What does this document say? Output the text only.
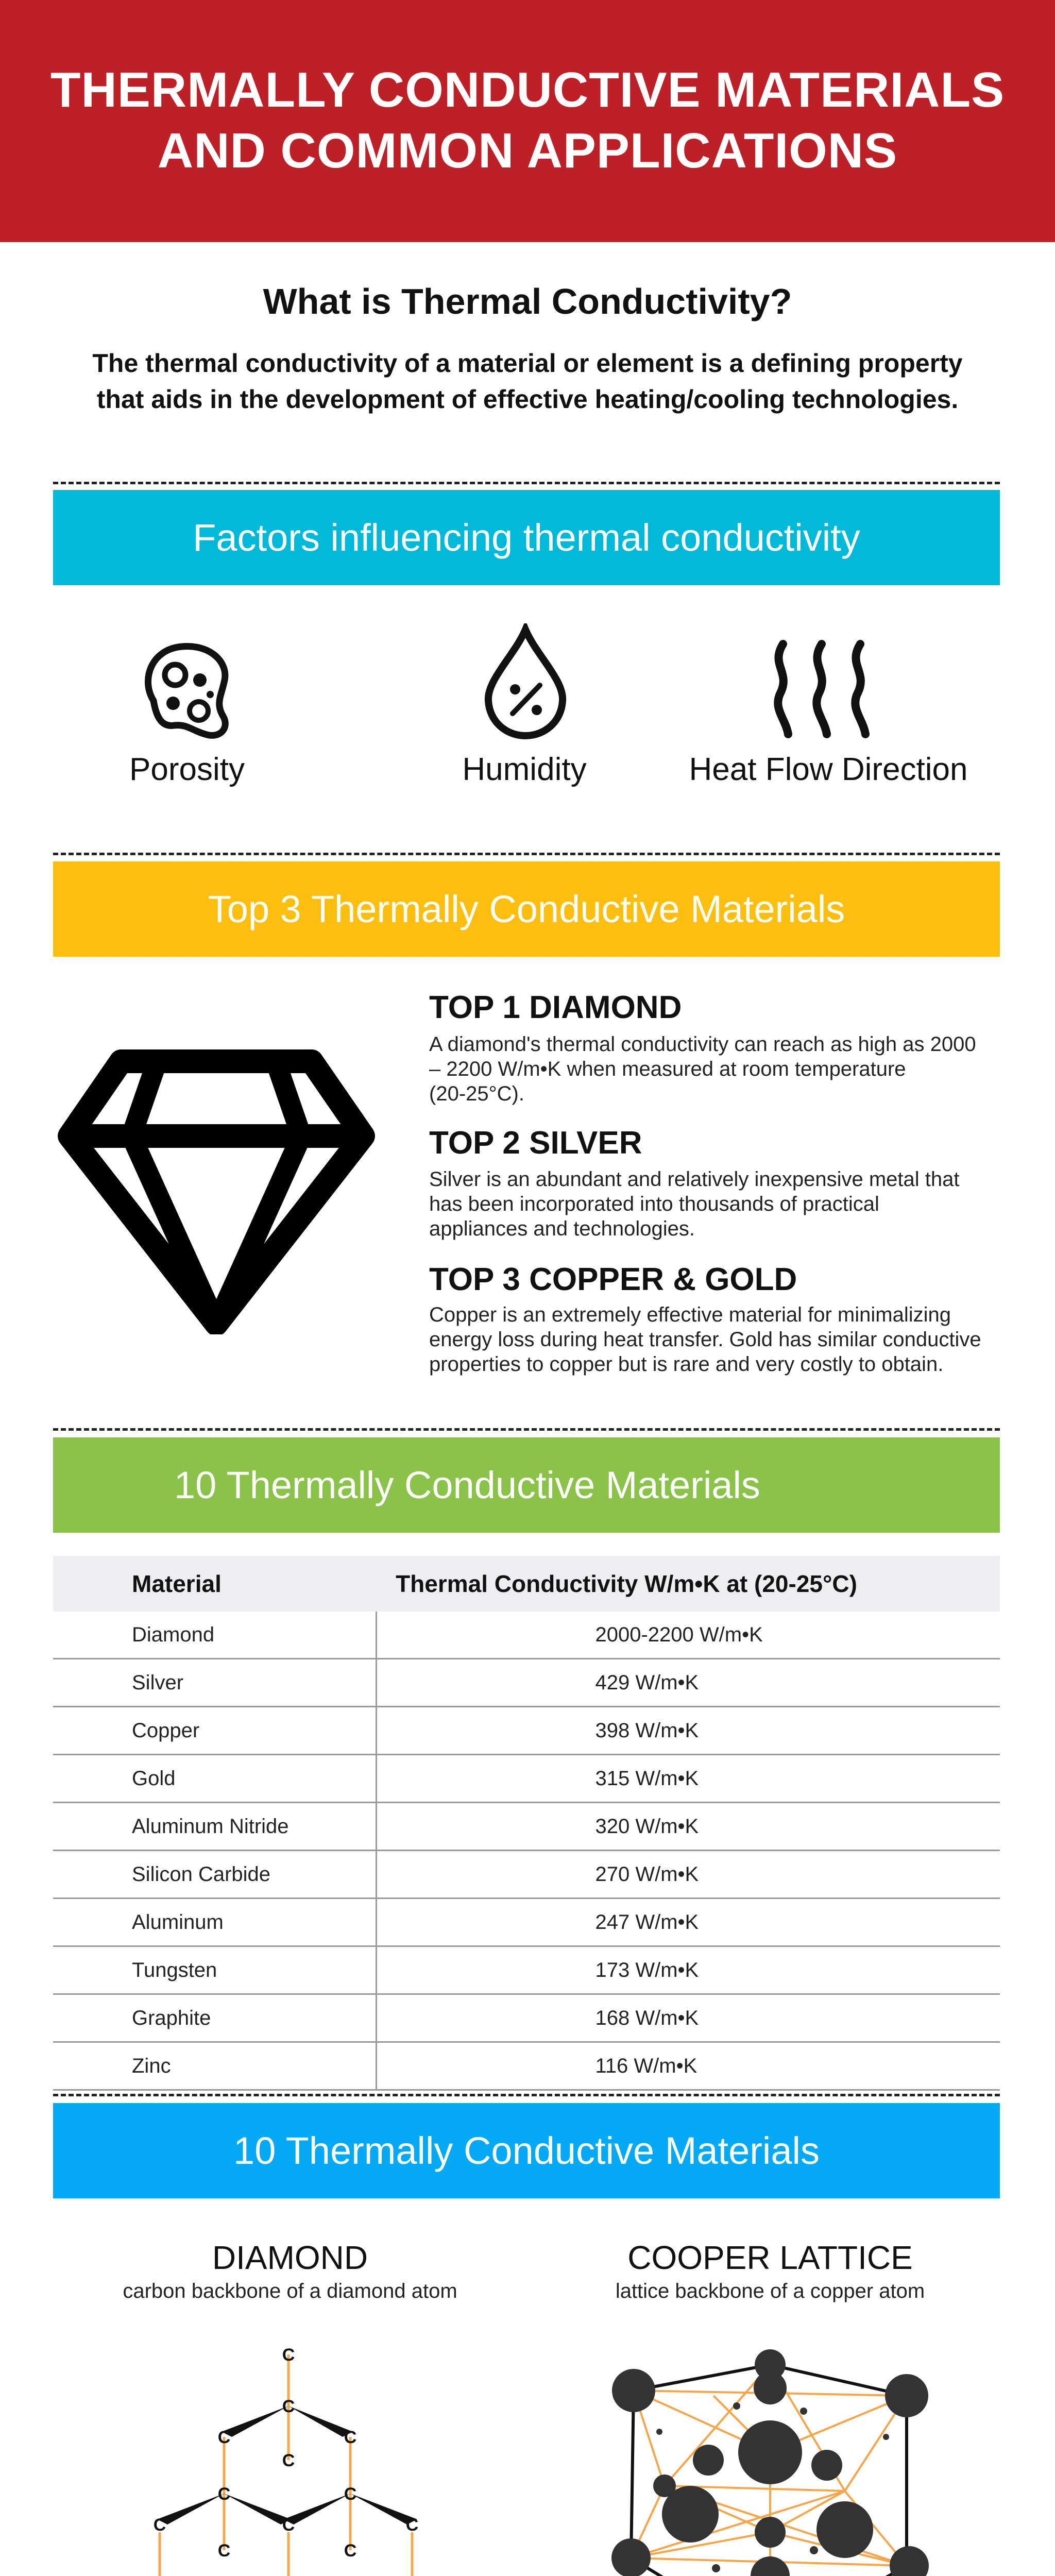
THERMALLY CONDUCTIVE MATERIALS
AND COMMON APPLICATIONS
What is Thermal Conductivity?
The thermal conductivity of a material or element is a defining property
that aids in the development of effective heating/cooling technologies.
Factors influencing thermal conductivity
Porosity	Humidity	Heat Flow Direction
Top 3 Thermally Conductive Materials
TOP 1 DIAMOND
A diamond's thermal conductivity can reach as high as 2000
– 2200 W/m•K when measured at room temperature
(20-25°C).
TOP 2 SILVER
Silver is an abundant and relatively inexpensive metal that
has been incorporated into thousands of practical
appliances and technologies.
TOP 3 COPPER & GOLD
Copper is an extremely effective material for minimalizing
energy loss during heat transfer. Gold has similar conductive
properties to copper but is rare and very costly to obtain.
10 Thermally Conductive Materials
Material	Thermal Conductivity W/m•K at (20-25°C)
Diamond	2000-2200 W/m•K
Silver	429 W/m•K
Copper	398 W/m•K
Gold	315 W/m•K
Aluminum Nitride	320 W/m•K
Silicon Carbide	270 W/m•K
Aluminum	247 W/m•K
Tungsten	173 W/m•K
Graphite	168 W/m•K
Zinc	116 W/m•K
10 Thermally Conductive Materials
DIAMOND
carbon backbone of a diamond atom
COOPER LATTICE
lattice backbone of a copper atom
C
C
C
C	C
C	C
C	C
C	C	C
